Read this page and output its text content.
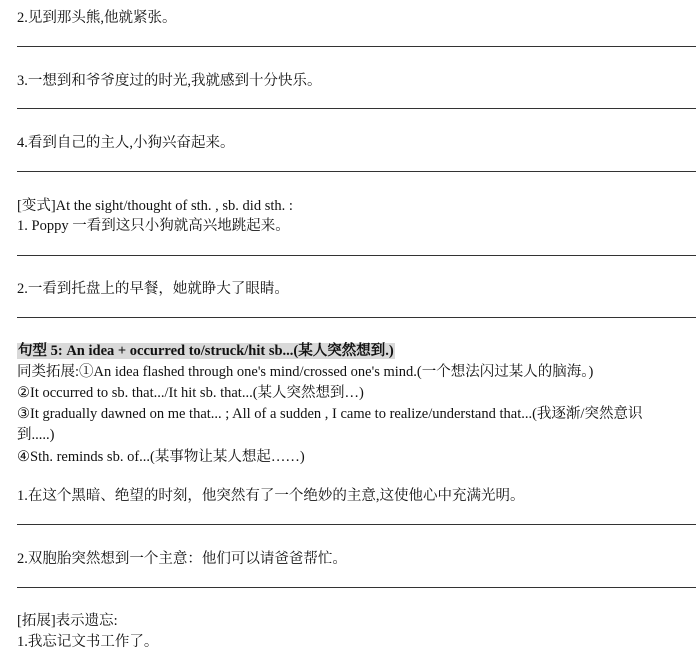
2.见到那头熊,他就紧张。
3.一想到和爷爷度过的时光,我就感到十分快乐。
4.看到自己的主人,小狗兴奋起来。
[变式]At the sight/thought of sth. , sb. did sth. :
1. Poppy 一看到这只小狗就高兴地跳起来。
2.一看到托盘上的早餐，她就睁大了眼睛。
句型 5: An idea + occurred to/struck/hit sb...(某人突然想到.)
同类拓展:①An idea flashed through one's mind/crossed one's mind.(一个想法闪过某人的脑海。)
②It occurred to sb. that.../It hit sb. that...(某人突然想到…)
③It gradually dawned on me that... ; All of a sudden , I came to realize/understand that...(我逐渐/突然意识
到.....)
④Sth. reminds sb. of...(某事物让某人想起……)
1.在这个黑暗、绝望的时刻，他突然有了一个绝妙的主意,这使他心中充满光明。
2.双胞胎突然想到一个主意：他们可以请爸爸帮忙。
[拓展]表示遗忘:
1.我忘记文书工作了。
